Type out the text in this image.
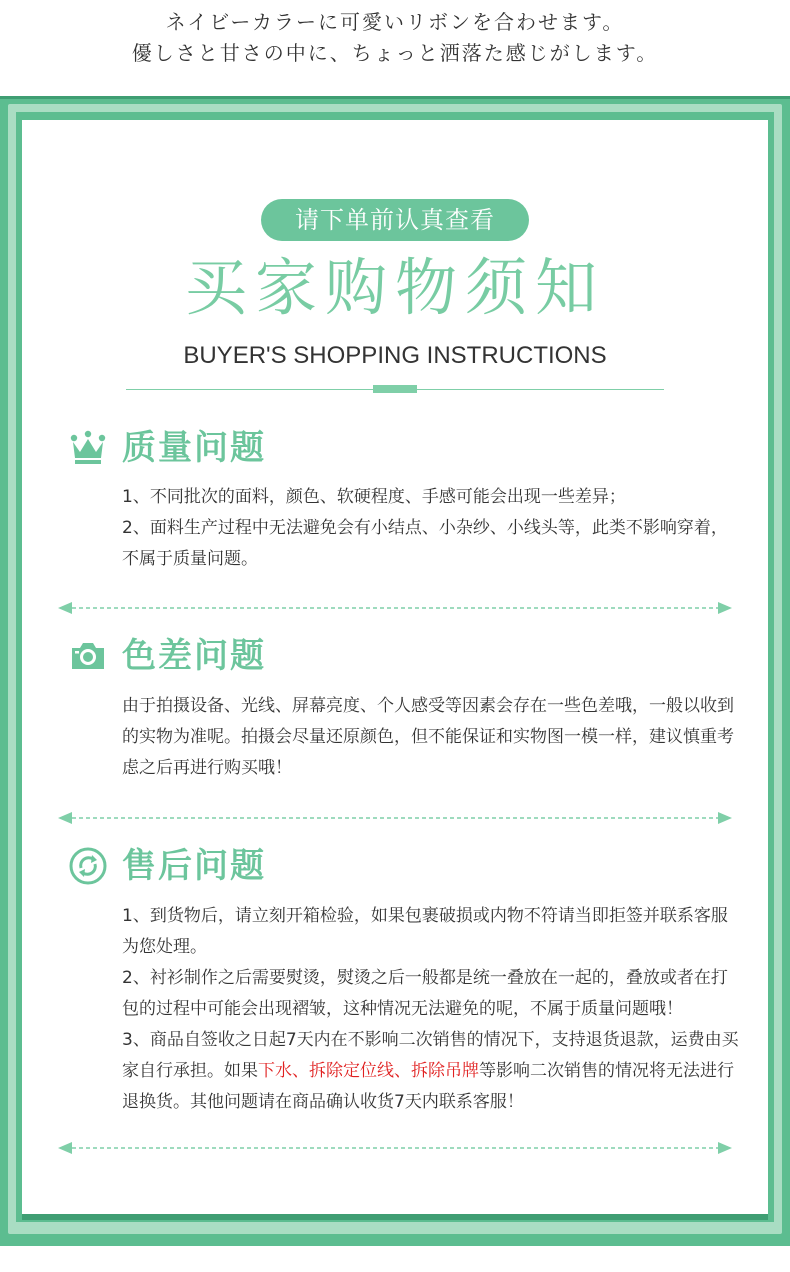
ネイビーカラーに可愛いリボンを合わせます。
優しさと甘さの中に、ちょっと洒落た感じがします。
请下单前认真查看
买家购物须知
BUYER'S SHOPPING INSTRUCTIONS
质量问题

1、不同批次的面料，颜色、软硬程度、手感可能会出现一些差异；

2、面料生产过程中无法避免会有小结点、小杂纱、小线头等，此类不影响穿着，不属于质量问题。

色差问题

由于拍摄设备、光线、屏幕亮度、个人感受等因素会存在一些色差哦，一般以收到的实物为准呢。拍摄会尽量还原颜色，但不能保证和实物图一模一样，建议慎重考虑之后再进行购买哦！

售后问题

1、到货物后，请立刻开箱检验，如果包裹破损或内物不符请当即拒签并联系客服为您处理。

2、衬衫制作之后需要熨烫，熨烫之后一般都是统一叠放在一起的，叠放或者在打包的过程中可能会出现褶皱，这种情况无法避免的呢，不属于质量问题哦！

3、商品自签收之日起7天内在不影响二次销售的情况下，支持退货退款，运费由买家自行承担。如果下水、拆除定位线、拆除吊牌等影响二次销售的情况将无法进行退换货。其他问题请在商品确认收货7天内联系客服！
